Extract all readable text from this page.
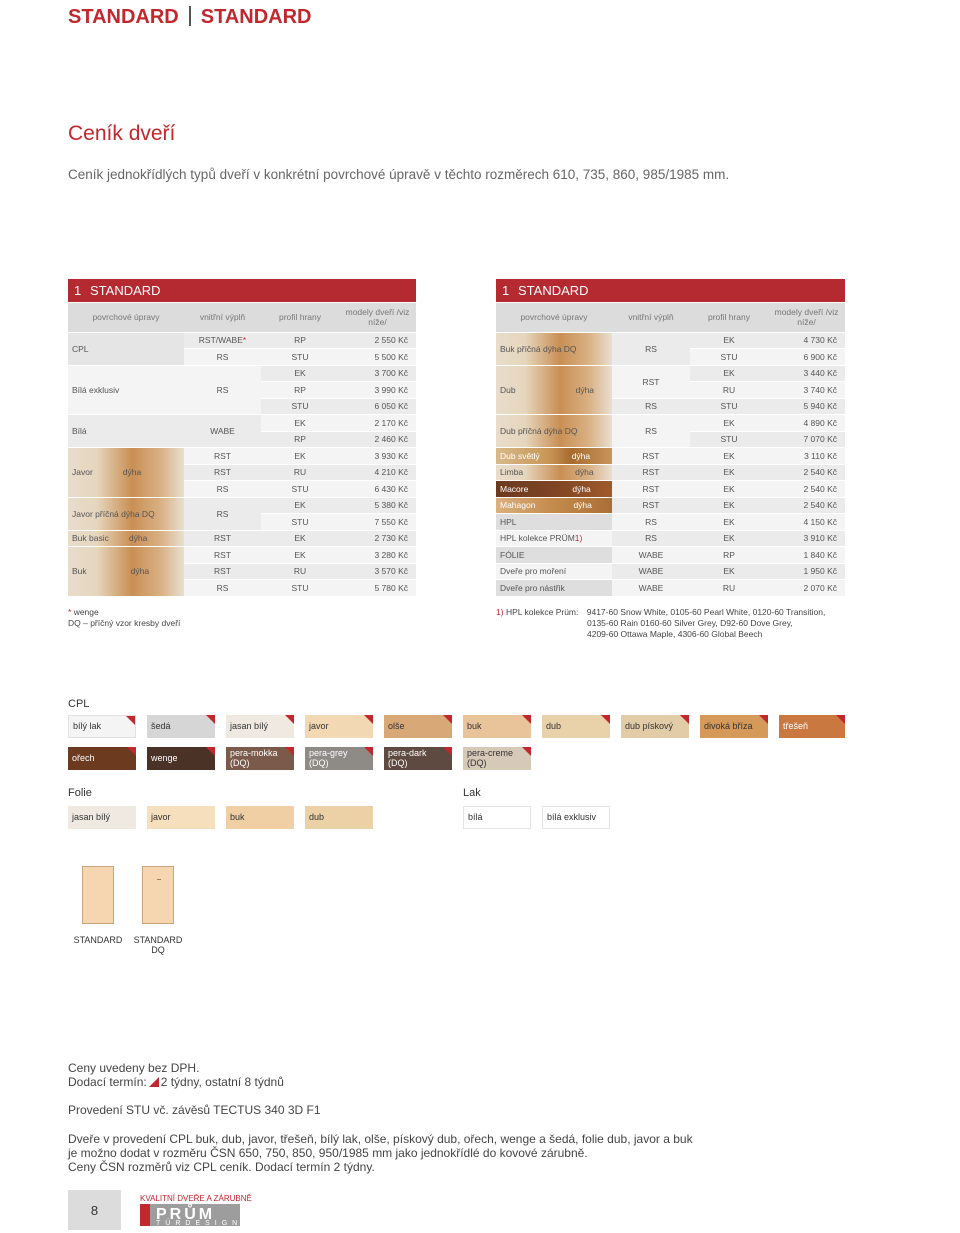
STANDARD STANDARD
Ceník dveří
Ceník jednokřídlých typů dveří v konkrétní povrchové úpravě v těchto rozměrech 610, 735, 860, 985/1985 mm.
1 STANDARD			
povrchové úpravy	vnitřní výplň	profil hrany	modely dveří /viz níže/
CPL	RST/WABE*	RP	2 550 Kč
	RS	STU	5 500 Kč
Bílá exklusiv	RS	EK	3 700 Kč
		RP	3 990 Kč
		STU	6 050 Kč
Bílá	WABE	EK	2 170 Kč
		RP	2 460 Kč
Javor dýha	RST	EK	3 930 Kč
	RST	RU	4 210 Kč
	RS	STU	6 430 Kč
Javor příčná dýha DQ	RS	EK	5 380 Kč
		STU	7 550 Kč
Buk basic dýha	RST	EK	2 730 Kč
Buk dýha	RST	EK	3 280 Kč
	RST	RU	3 570 Kč
	RS	STU	5 780 Kč
1 STANDARD			
povrchové úpravy	vnitřní výplň	profil hrany	modely dveří /viz níže/
Buk příčná dýha DQ	RS	EK	4 730 Kč
		STU	6 900 Kč
Dub dýha	RST	EK	3 440 Kč
		RU	3 740 Kč
	RS	STU	5 940 Kč
Dub příčná dýha DQ	RS	EK	4 890 Kč
		STU	7 070 Kč
Dub světlý dýha	RST	EK	3 110 Kč
Limba dýha	RST	EK	2 540 Kč
Macore dýha	RST	EK	2 540 Kč
Mahagon dýha	RST	EK	2 540 Kč
HPL	RS	EK	4 150 Kč
HPL kolekce PRÜM1)	RS	EK	3 910 Kč
FÓLIE	WABE	RP	1 840 Kč
Dveře pro moření	WABE	EK	1 950 Kč
Dveře pro nástřik	WABE	RU	2 070 Kč
* wenge
DQ – příčný vzor kresby dveří
1) HPL kolekce Prüm: 9417-60 Snow White, 0105-60 Pearl White, 0120-60 Transition,
0135-60 Rain 0160-60 Silver Grey, D92-60 Dove Grey,
4209-60 Ottawa Maple, 4306-60 Global Beech
CPL
bílý lak	šedá	jasan bílý	javor	olše	buk	dub	dub pískový	divoká bříza	třešeň
ořech	wenge	pera-mokka (DQ)
pera-grey (DQ)
pera-dark (DQ)
pera-creme (DQ)
Folie
jasan bílý	javor	buk	dub
Lak
bílá	bílá exklusiv
STANDARD	STANDARD DQ
Ceny uvedeny bez DPH.
Dodací termín: 2 týdny, ostatní 8 týdnů
Provedení STU vč. závěsů TECTUS 340 3D F1
Dveře v provedení CPL buk, dub, javor, třešeň, bílý lak, olše, pískový dub, ořech, wenge a šedá, folie dub, javor a buk
je možno dodat v rozměru ČSN 650, 750, 850, 950/1985 mm jako jednokřídlé do kovové zárubně.
Ceny ČSN rozměrů viz CPL ceník. Dodací termín 2 týdny.
8
KVALITNÍ DVEŘE A ZÁRUBNĚ
PRŮM
TÜRDESIGN
